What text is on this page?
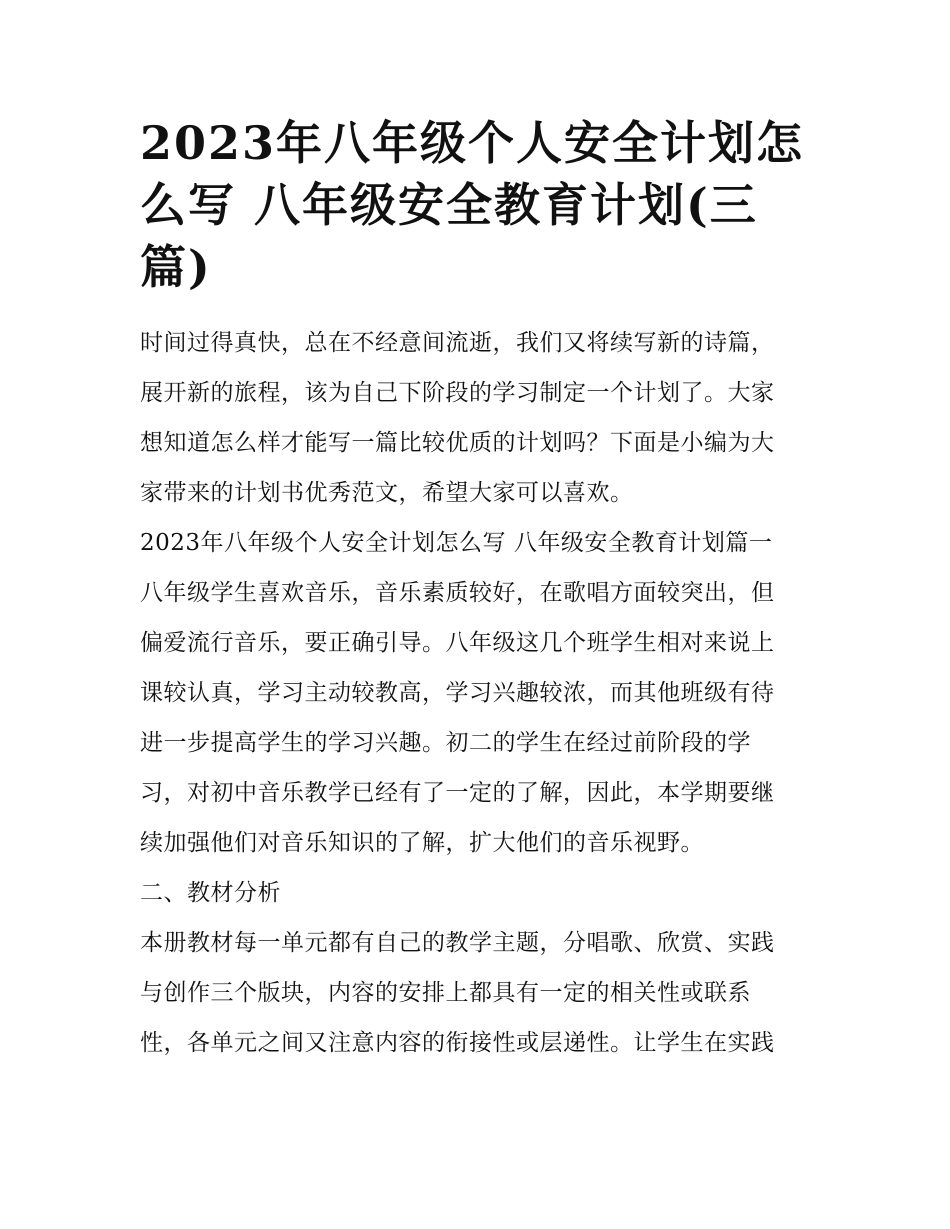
2023年八年级个人安全计划怎
么写 八年级安全教育计划(三
篇)
时间过得真快，总在不经意间流逝，我们又将续写新的诗篇，
展开新的旅程，该为自己下阶段的学习制定一个计划了。大家
想知道怎么样才能写一篇比较优质的计划吗？下面是小编为大
家带来的计划书优秀范文，希望大家可以喜欢。
2023年八年级个人安全计划怎么写 八年级安全教育计划篇一
八年级学生喜欢音乐，音乐素质较好，在歌唱方面较突出，但
偏爱流行音乐，要正确引导。八年级这几个班学生相对来说上
课较认真，学习主动较教高，学习兴趣较浓，而其他班级有待
进一步提高学生的学习兴趣。初二的学生在经过前阶段的学
习，对初中音乐教学已经有了一定的了解，因此，本学期要继
续加强他们对音乐知识的了解，扩大他们的音乐视野。
二、教材分析
本册教材每一单元都有自己的教学主题，分唱歌、欣赏、实践
与创作三个版块，内容的安排上都具有一定的相关性或联系
性，各单元之间又注意内容的衔接性或层递性。让学生在实践
